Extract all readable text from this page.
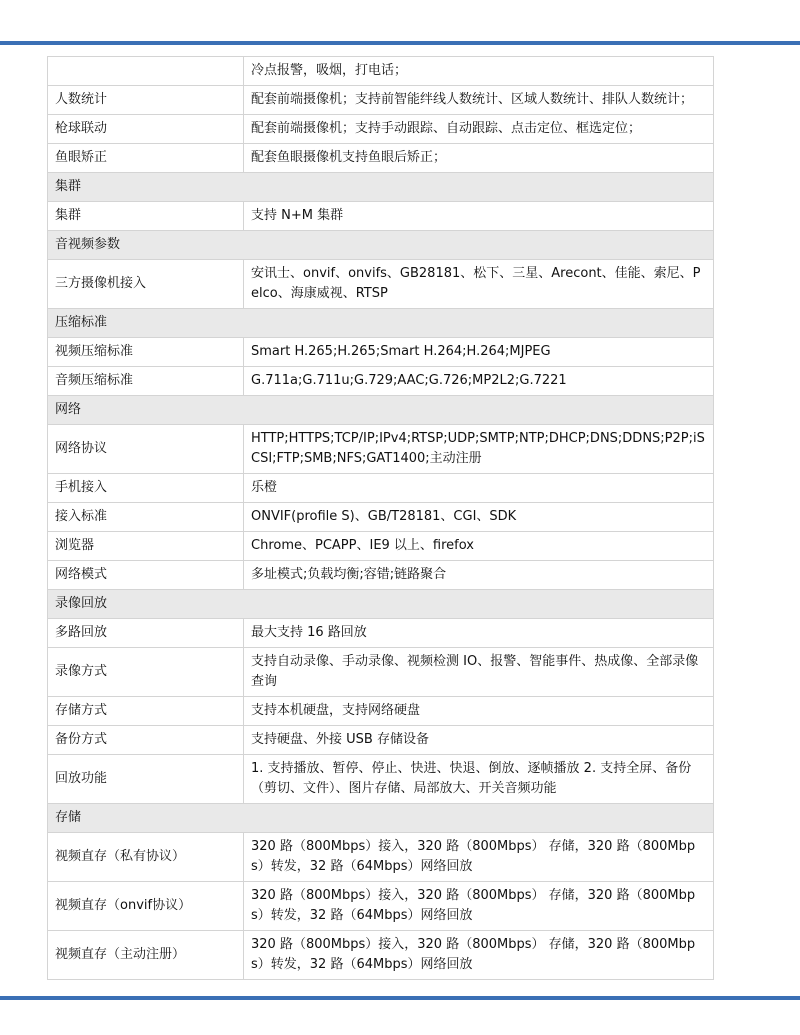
	冷点报警，吸烟，打电话；
人数统计	配套前端摄像机；支持前智能绊线人数统计、区域人数统计、排队人数统计；
枪球联动	配套前端摄像机；支持手动跟踪、自动跟踪、点击定位、框选定位；
鱼眼矫正	配套鱼眼摄像机支持鱼眼后矫正；
集群	
集群	支持 N+M 集群
音视频参数	
三方摄像机接入	安讯士、onvif、onvifs、GB28181、松下、三星、Arecont、佳能、索尼、Pelco、海康威视、RTSP
压缩标准	
视频压缩标准	Smart H.265;H.265;Smart H.264;H.264;MJPEG
音频压缩标准	G.711a;G.711u;G.729;AAC;G.726;MP2L2;G.7221
网络	
网络协议	HTTP;HTTPS;TCP/IP;IPv4;RTSP;UDP;SMTP;NTP;DHCP;DNS;DDNS;P2P;iSCSI;FTP;SMB;NFS;GAT1400;主动注册
手机接入	乐橙
接入标准	ONVIF(profile S)、GB/T28181、CGI、SDK
浏览器	Chrome、PCAPP、IE9 以上、firefox
网络模式	多址模式;负载均衡;容错;链路聚合
录像回放	
多路回放	最大支持 16 路回放
录像方式	支持自动录像、手动录像、视频检测 IO、报警、智能事件、热成像、全部录像查询
存储方式	支持本机硬盘，支持网络硬盘
备份方式	支持硬盘、外接 USB 存储设备
回放功能	1. 支持播放、暂停、停止、快进、快退、倒放、逐帧播放 2. 支持全屏、备份（剪切、文件）、图片存储、局部放大、开关音频功能
存储	
视频直存（私有协议）	320 路（800Mbps）接入，320 路（800Mbps） 存储，320 路（800Mbps）转发，32 路（64Mbps）网络回放
视频直存（onvif协议）	320 路（800Mbps）接入，320 路（800Mbps） 存储，320 路（800Mbps）转发，32 路（64Mbps）网络回放
视频直存（主动注册）	320 路（800Mbps）接入，320 路（800Mbps） 存储，320 路（800Mbps）转发，32 路（64Mbps）网络回放
